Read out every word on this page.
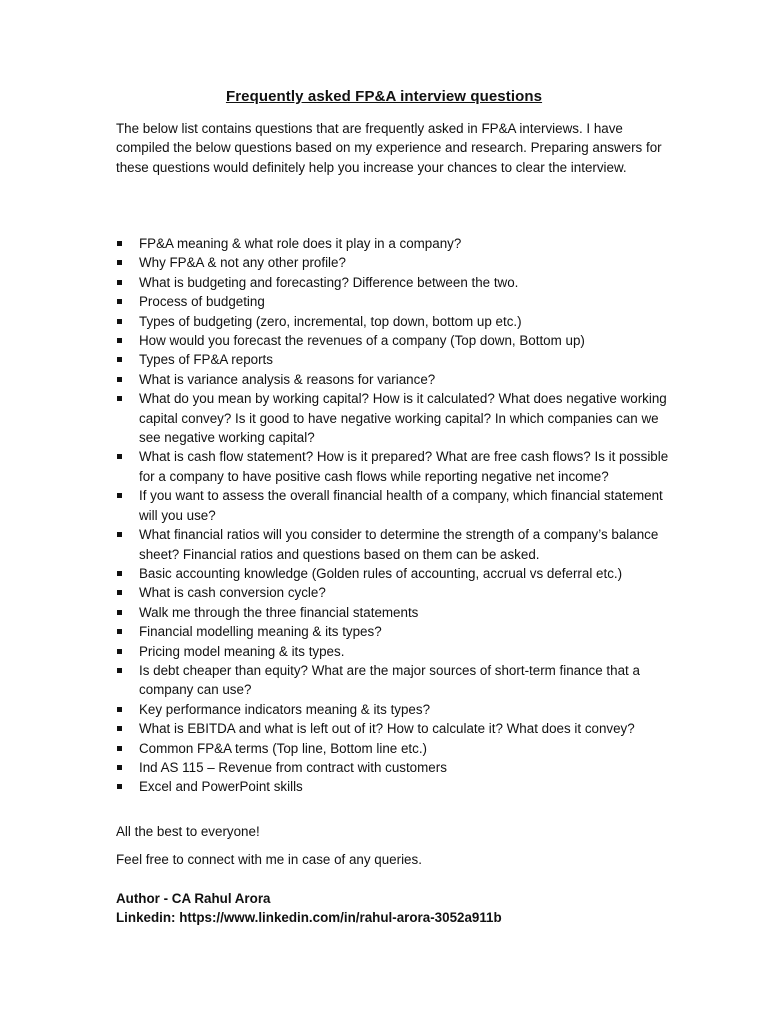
Frequently asked FP&A interview questions

The below list contains questions that are frequently asked in FP&A interviews. I have compiled the below questions based on my experience and research. Preparing answers for these questions would definitely help you increase your chances to clear the interview.

FP&A meaning & what role does it play in a company?
Why FP&A & not any other profile?
What is budgeting and forecasting? Difference between the two.
Process of budgeting
Types of budgeting (zero, incremental, top down, bottom up etc.)
How would you forecast the revenues of a company (Top down, Bottom up)
Types of FP&A reports
What is variance analysis & reasons for variance?
What do you mean by working capital? How is it calculated? What does negative working capital convey? Is it good to have negative working capital? In which companies can we see negative working capital?
What is cash flow statement? How is it prepared? What are free cash flows? Is it possible for a company to have positive cash flows while reporting negative net income?
If you want to assess the overall financial health of a company, which financial statement will you use?
What financial ratios will you consider to determine the strength of a company’s balance sheet? Financial ratios and questions based on them can be asked.
Basic accounting knowledge (Golden rules of accounting, accrual vs deferral etc.)
What is cash conversion cycle?
Walk me through the three financial statements
Financial modelling meaning & its types?
Pricing model meaning & its types.
Is debt cheaper than equity? What are the major sources of short-term finance that a company can use?
Key performance indicators meaning & its types?
What is EBITDA and what is left out of it? How to calculate it? What does it convey?
Common FP&A terms (Top line, Bottom line etc.)
Ind AS 115 – Revenue from contract with customers
Excel and PowerPoint skills

All the best to everyone!

Feel free to connect with me in case of any queries.

Author - CA Rahul Arora

Linkedin: https://www.linkedin.com/in/rahul-arora-3052a911b
